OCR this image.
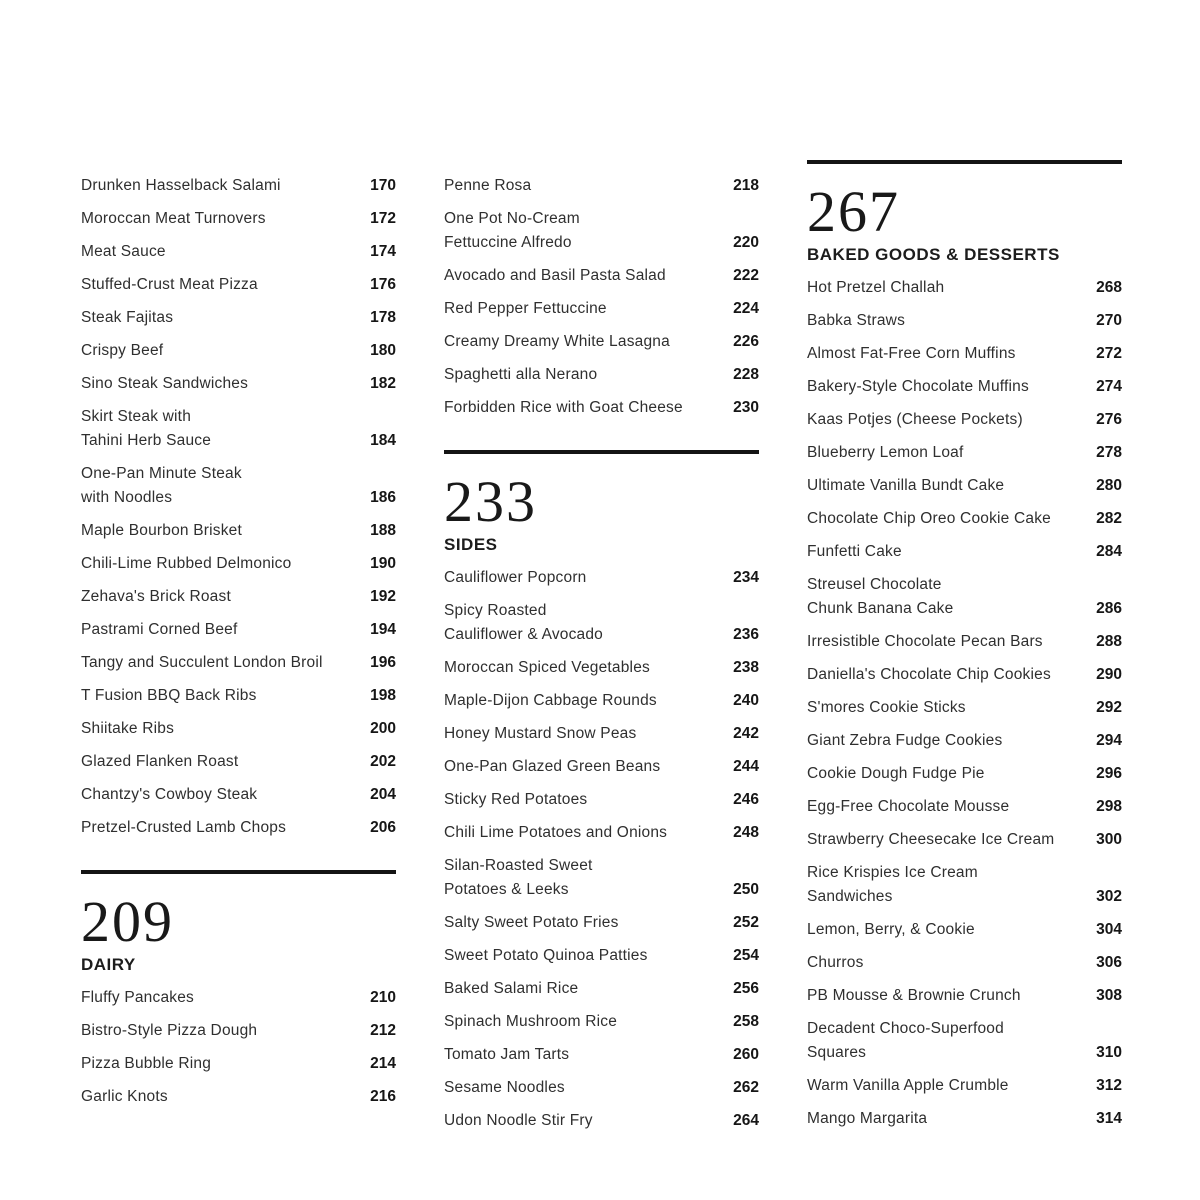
Drunken Hasselback Salami	170
Moroccan Meat Turnovers	172
Meat Sauce	174
Stuffed-Crust Meat Pizza	176
Steak Fajitas	178
Crispy Beef	180
Sino Steak Sandwiches	182
Skirt Steak with
Tahini Herb Sauce	184
One-Pan Minute Steak
with Noodles	186
Maple Bourbon Brisket	188
Chili-Lime Rubbed Delmonico	190
Zehava's Brick Roast	192
Pastrami Corned Beef	194
Tangy and Succulent London Broil	196
T Fusion BBQ Back Ribs	198
Shiitake Ribs	200
Glazed Flanken Roast	202
Chantzy's Cowboy Steak	204
Pretzel-Crusted Lamb Chops	206
209
DAIRY
Fluffy Pancakes	210
Bistro-Style Pizza Dough	212
Pizza Bubble Ring	214
Garlic Knots	216
Penne Rosa	218
One Pot No-Cream
Fettuccine Alfredo	220
Avocado and Basil Pasta Salad	222
Red Pepper Fettuccine	224
Creamy Dreamy White Lasagna	226
Spaghetti alla Nerano	228
Forbidden Rice with Goat Cheese	230
233
SIDES
Cauliflower Popcorn	234
Spicy Roasted
Cauliflower & Avocado	236
Moroccan Spiced Vegetables	238
Maple-Dijon Cabbage Rounds	240
Honey Mustard Snow Peas	242
One-Pan Glazed Green Beans	244
Sticky Red Potatoes	246
Chili Lime Potatoes and Onions	248
Silan-Roasted Sweet
Potatoes & Leeks	250
Salty Sweet Potato Fries	252
Sweet Potato Quinoa Patties	254
Baked Salami Rice	256
Spinach Mushroom Rice	258
Tomato Jam Tarts	260
Sesame Noodles	262
Udon Noodle Stir Fry	264
267
BAKED GOODS & DESSERTS
Hot Pretzel Challah	268
Babka Straws	270
Almost Fat-Free Corn Muffins	272
Bakery-Style Chocolate Muffins	274
Kaas Potjes (Cheese Pockets)	276
Blueberry Lemon Loaf	278
Ultimate Vanilla Bundt Cake	280
Chocolate Chip Oreo Cookie Cake	282
Funfetti Cake	284
Streusel Chocolate
Chunk Banana Cake	286
Irresistible Chocolate Pecan Bars	288
Daniella's Chocolate Chip Cookies	290
S'mores Cookie Sticks	292
Giant Zebra Fudge Cookies	294
Cookie Dough Fudge Pie	296
Egg-Free Chocolate Mousse	298
Strawberry Cheesecake Ice Cream	300
Rice Krispies Ice Cream
Sandwiches	302
Lemon, Berry, & Cookie	304
Churros	306
PB Mousse & Brownie Crunch	308
Decadent Choco-Superfood
Squares	310
Warm Vanilla Apple Crumble	312
Mango Margarita	314
